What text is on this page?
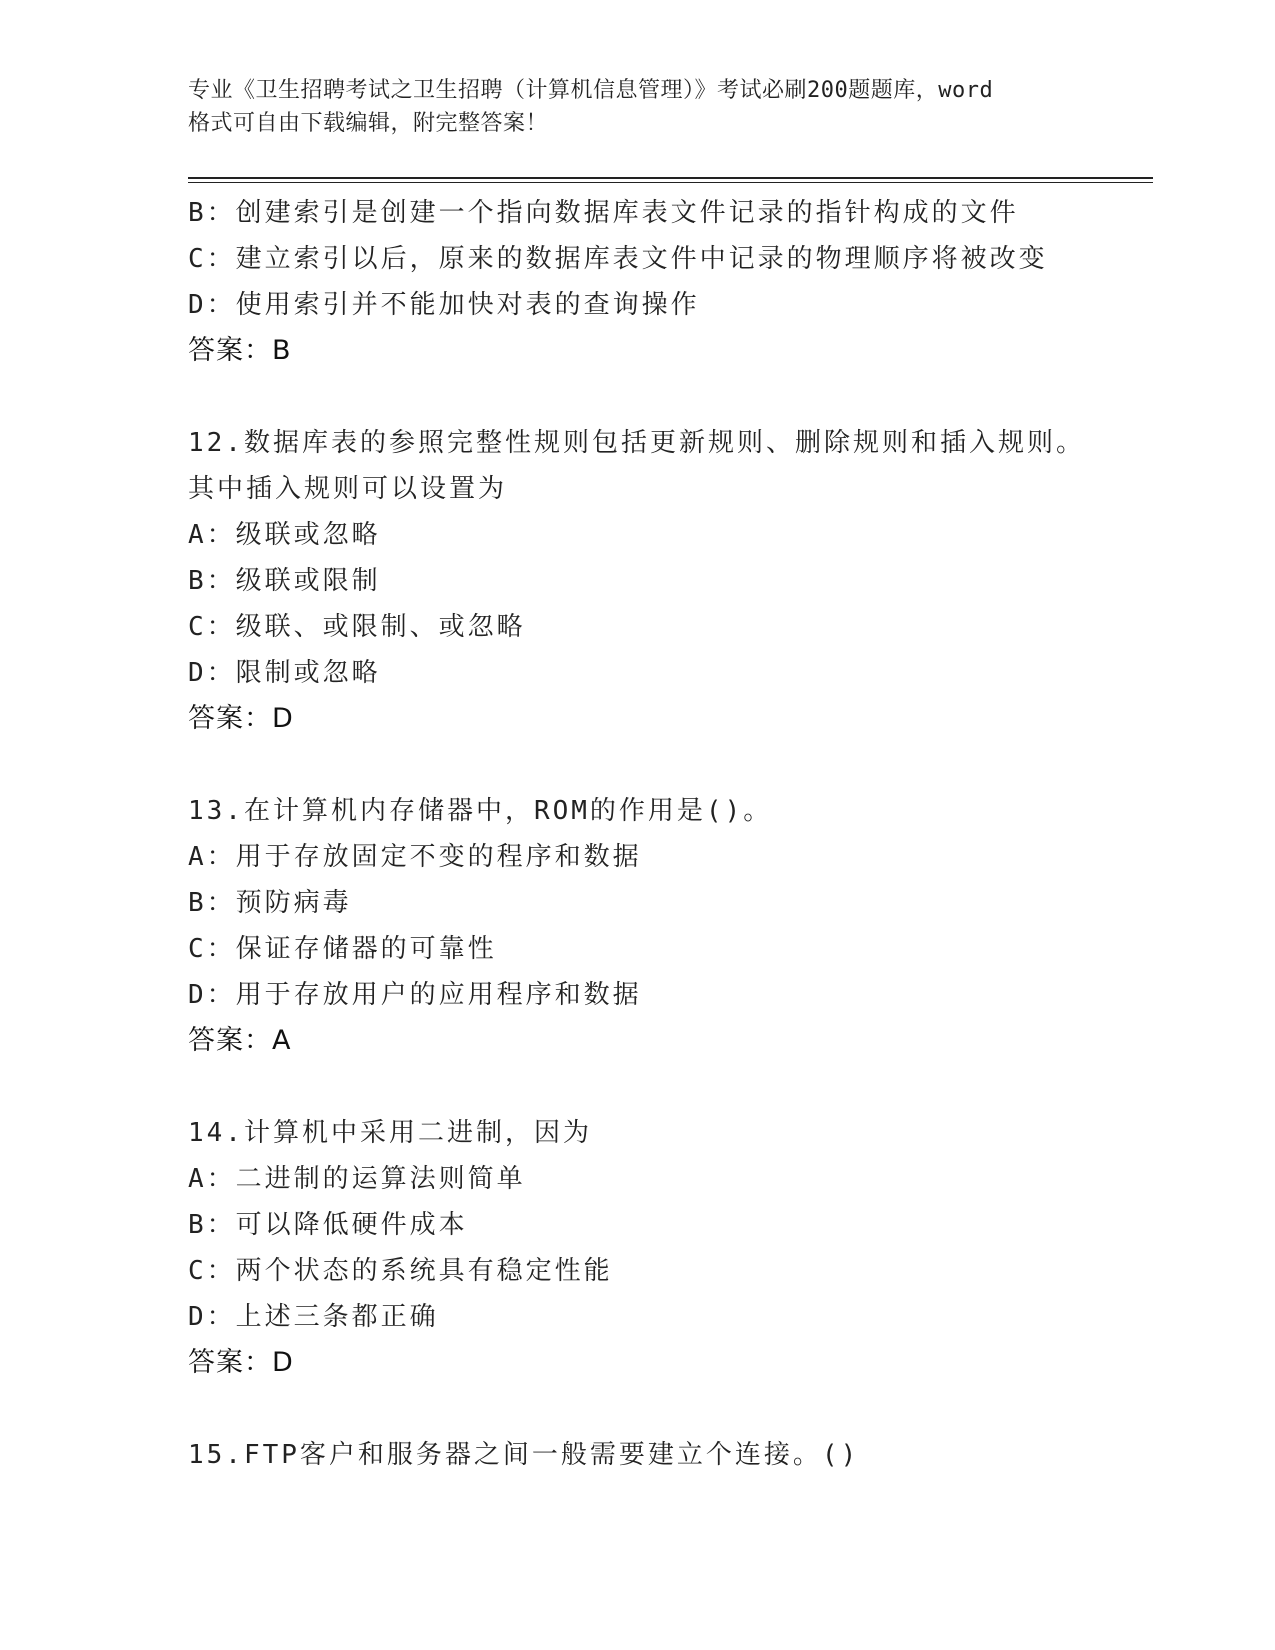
专业《卫生招聘考试之卫生招聘（计算机信息管理）》考试必刷200题题库，word
格式可自由下载编辑，附完整答案！
B：创建索引是创建一个指向数据库表文件记录的指针构成的文件
C：建立索引以后，原来的数据库表文件中记录的物理顺序将被改变
D：使用索引并不能加快对表的查询操作
答案：B
12.数据库表的参照完整性规则包括更新规则、删除规则和插入规则。
其中插入规则可以设置为
A：级联或忽略
B：级联或限制
C：级联、或限制、或忽略
D：限制或忽略
答案：D
13.在计算机内存储器中，ROM的作用是()。
A：用于存放固定不变的程序和数据
B：预防病毒
C：保证存储器的可靠性
D：用于存放用户的应用程序和数据
答案：A
14.计算机中采用二进制，因为
A：二进制的运算法则简单
B：可以降低硬件成本
C：两个状态的系统具有稳定性能
D：上述三条都正确
答案：D
15.FTP客户和服务器之间一般需要建立个连接。()
